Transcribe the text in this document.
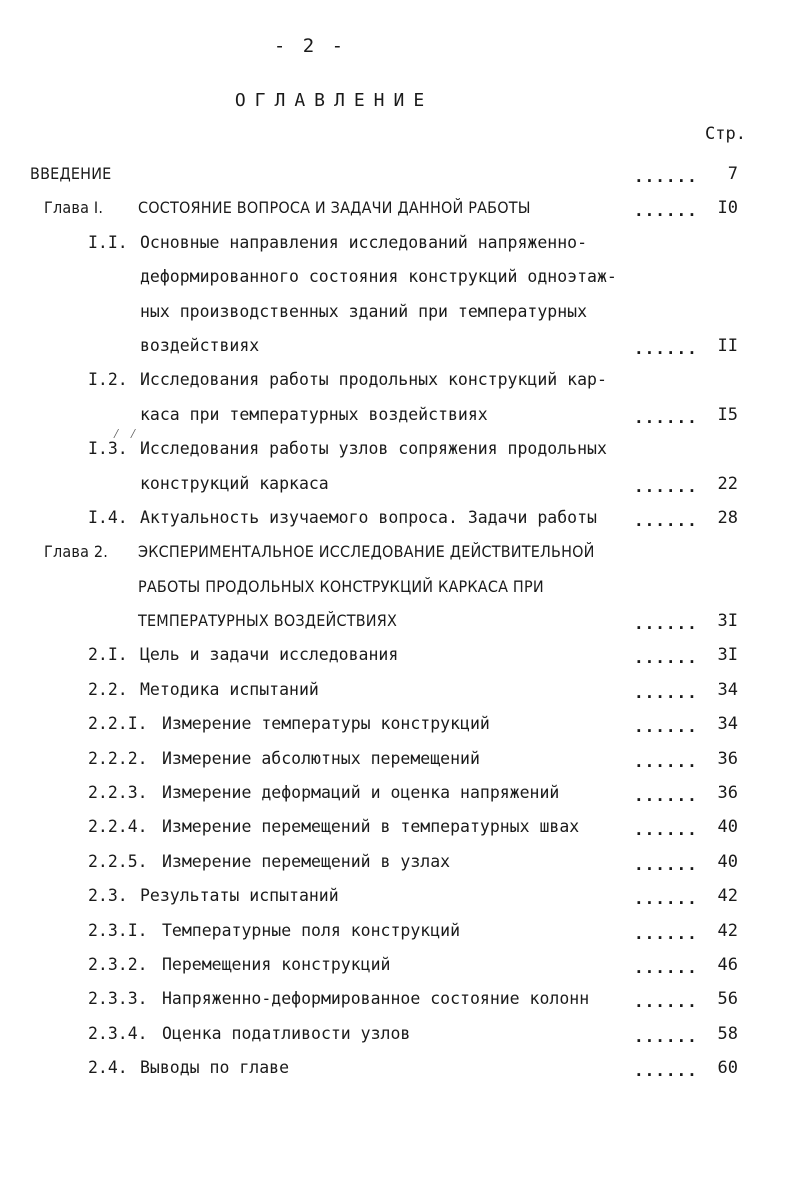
- 2 -
ОГЛАВЛЕНИЕ
Стр.
ВВЕДЕНИЕ	...... 7
Глава I. СОСТОЯНИЕ ВОПРОСА И ЗАДАЧИ ДАННОЙ РАБОТЫ	...... I0
I.I. Основные направления исследований напряженно-
деформированного состояния конструкций одноэтаж-
ных производственных зданий при температурных
воздействиях	...... II
I.2. Исследования работы продольных конструкций кар-
каса при температурных воздействиях	...... I5
I.3. Исследования работы узлов сопряжения продольных
конструкций каркаса	...... 22
I.4. Актуальность изучаемого вопроса. Задачи работы ...... 28
Глава 2. ЭКСПЕРИМЕНТАЛЬНОЕ ИССЛЕДОВАНИЕ ДЕЙСТВИТЕЛЬНОЙ
РАБОТЫ ПРОДОЛЬНЫХ КОНСТРУКЦИЙ КАРКАСА ПРИ
ТЕМПЕРАТУРНЫХ ВОЗДЕЙСТВИЯХ	...... 3I
2.I. Цель и задачи исследования	...... 3I
2.2. Методика испытаний	...... 34
2.2.I. Измерение температуры конструкций	...... 34
2.2.2. Измерение абсолютных перемещений	...... 36
2.2.3. Измерение деформаций и оценка напряжений	...... 36
2.2.4. Измерение перемещений в температурных швах	...... 40
2.2.5. Измерение перемещений в узлах	...... 40
2.3. Результаты испытаний	...... 42
2.3.I. Температурные поля конструкций	...... 42
2.3.2. Перемещения конструкций	...... 46
2.3.3. Напряженно-деформированное состояние колонн	...... 56
2.3.4. Оценка податливости узлов	...... 58
2.4. Выводы по главе	...... 60
⁄ ⁄
